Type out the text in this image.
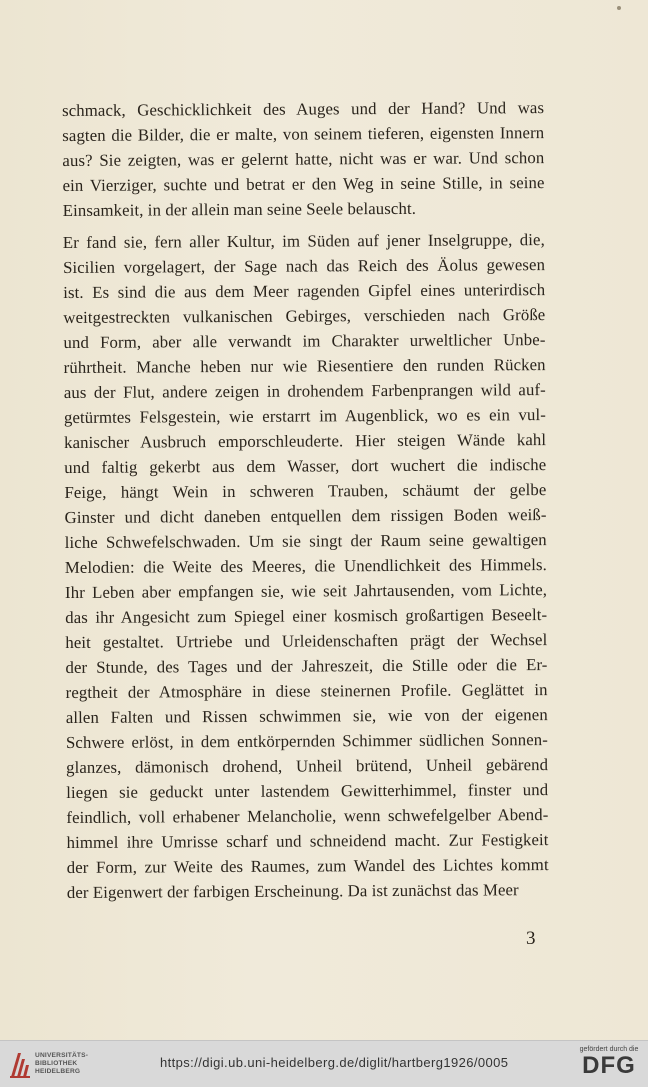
schmack, Geschicklichkeit des Auges und der Hand? Und was
sagten die Bilder, die er malte, von seinem tieferen, eigensten Innern
aus? Sie zeigten, was er gelernt hatte, nicht was er war. Und schon
ein Vierziger, suchte und betrat er den Weg in seine Stille, in seine
Einsamkeit, in der allein man seine Seele belauscht.
Er fand sie, fern aller Kultur, im Süden auf jener Inselgruppe, die,
Sicilien vorgelagert, der Sage nach das Reich des Äolus gewesen
ist. Es sind die aus dem Meer ragenden Gipfel eines unterirdisch
weitgestreckten vulkanischen Gebirges, verschieden nach Größe
und Form, aber alle verwandt im Charakter urweltlicher Unbe-
rührtheit. Manche heben nur wie Riesentiere den runden Rücken
aus der Flut, andere zeigen in drohendem Farbenprangen wild auf-
getürmtes Felsgestein, wie erstarrt im Augenblick, wo es ein vul-
kanischer Ausbruch emporschleuderte. Hier steigen Wände kahl
und faltig gekerbt aus dem Wasser, dort wuchert die indische
Feige, hängt Wein in schweren Trauben, schäumt der gelbe
Ginster und dicht daneben entquellen dem rissigen Boden weiß-
liche Schwefelschwaden. Um sie singt der Raum seine gewaltigen
Melodien: die Weite des Meeres, die Unendlichkeit des Himmels.
Ihr Leben aber empfangen sie, wie seit Jahrtausenden, vom Lichte,
das ihr Angesicht zum Spiegel einer kosmisch großartigen Beseelt-
heit gestaltet. Urtriebe und Urleidenschaften prägt der Wechsel
der Stunde, des Tages und der Jahreszeit, die Stille oder die Er-
regtheit der Atmosphäre in diese steinernen Profile. Geglättet in
allen Falten und Rissen schwimmen sie, wie von der eigenen
Schwere erlöst, in dem entkörpernden Schimmer südlichen Sonnen-
glanzes, dämonisch drohend, Unheil brütend, Unheil gebärend
liegen sie geduckt unter lastendem Gewitterhimmel, finster und
feindlich, voll erhabener Melancholie, wenn schwefelgelber Abend-
himmel ihre Umrisse scharf und schneidend macht. Zur Festigkeit
der Form, zur Weite des Raumes, zum Wandel des Lichtes kommt
der Eigenwert der farbigen Erscheinung. Da ist zunächst das Meer
3
UNIVERSITÄTS-
BIBLIOTHEK
HEIDELBERG
https://digi.ub.uni-heidelberg.de/diglit/hartberg1926/0005
gefördert durch die
DFG
